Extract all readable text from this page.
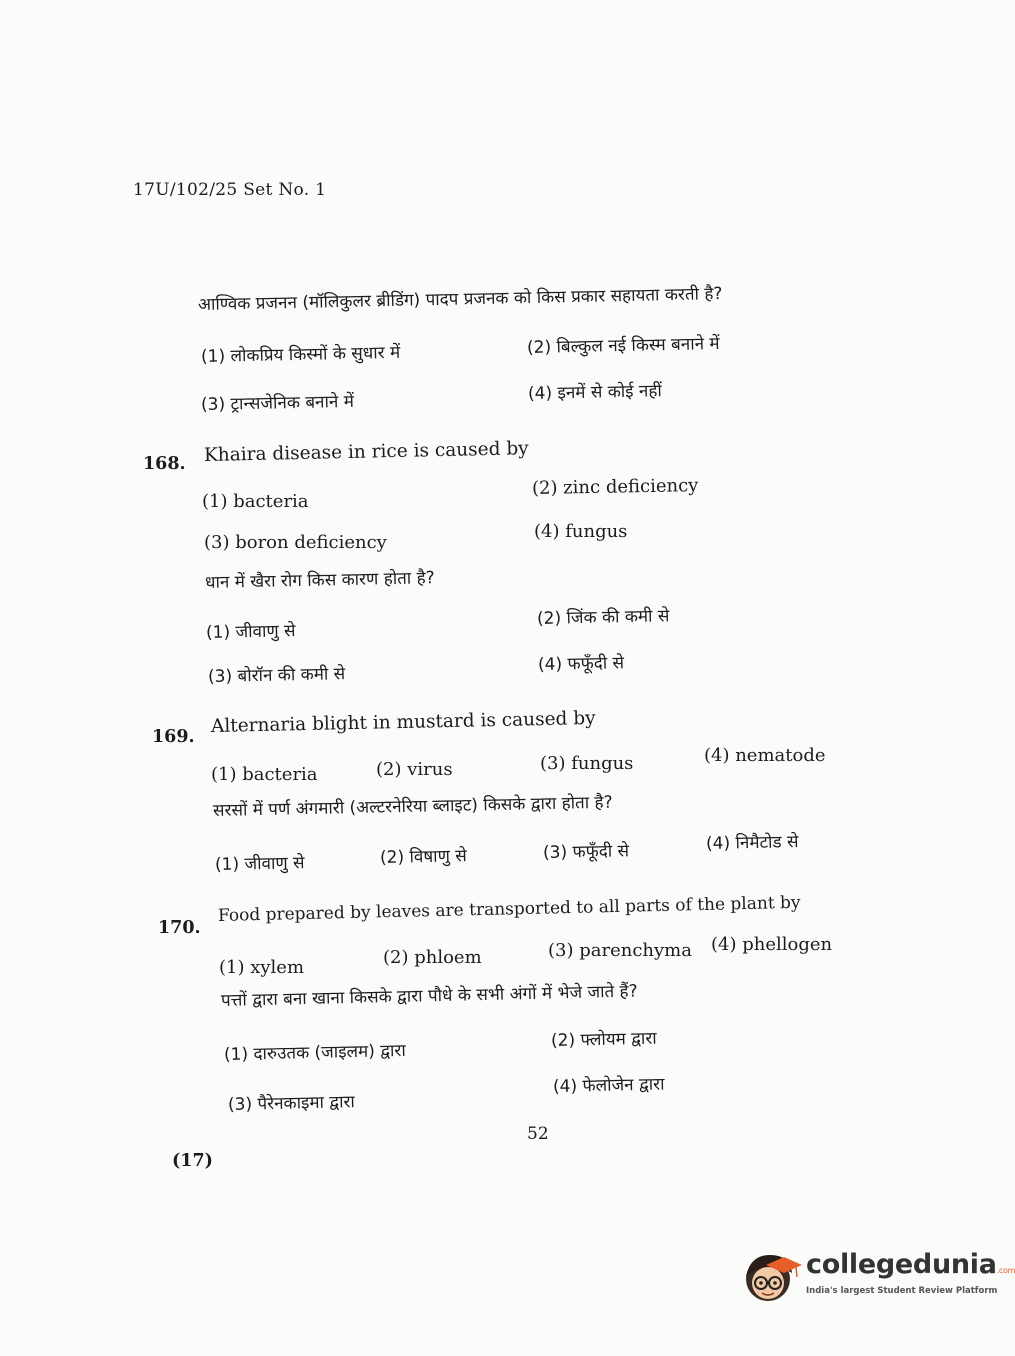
17U/102/25 Set No. 1
आण्विक प्रजनन (मॉलिकुलर ब्रीडिंग) पादप प्रजनक को किस प्रकार सहायता करती है?
(1) लोकप्रिय किस्मों के सुधार में	(2) बिल्कुल नई किस्म बनाने में
(3) ट्रान्सजेनिक बनाने में	(4) इनमें से कोई नहीं
168. Khaira disease in rice is caused by
(1) bacteria
(2) zinc deficiency
(3) boron deficiency
(4) fungus
धान में खैरा रोग किस कारण होता है?
(1) जीवाणु से
(2) जिंक की कमी से
(3) बोरॉन की कमी से
(4) फफूँदी से
169.
Alternaria blight in mustard is caused by
(1) bacteria	(2) virus	(3) fungus	(4) nematode
सरसों में पर्ण अंगमारी (अल्टरनेरिया ब्लाइट) किसके द्वारा होता है?
(1) जीवाणु से	(2) विषाणु से	(3) फफूँदी से	(4) निमैटोड से
170.
Food prepared by leaves are transported to all parts of the plant by
(1) xylem	(2) phloem	(3) parenchyma (4) phellogen
पत्तों द्वारा बना खाना किसके द्वारा पौधे के सभी अंगों में भेजे जाते हैं?
(1) दारुउतक (जाइलम) द्वारा
(2) फ्लोयम द्वारा
(3) पैरेनकाइमा द्वारा
(4) फेलोजेन द्वारा
52
(17)
collegedunia.com
India's largest Student Review Platform
